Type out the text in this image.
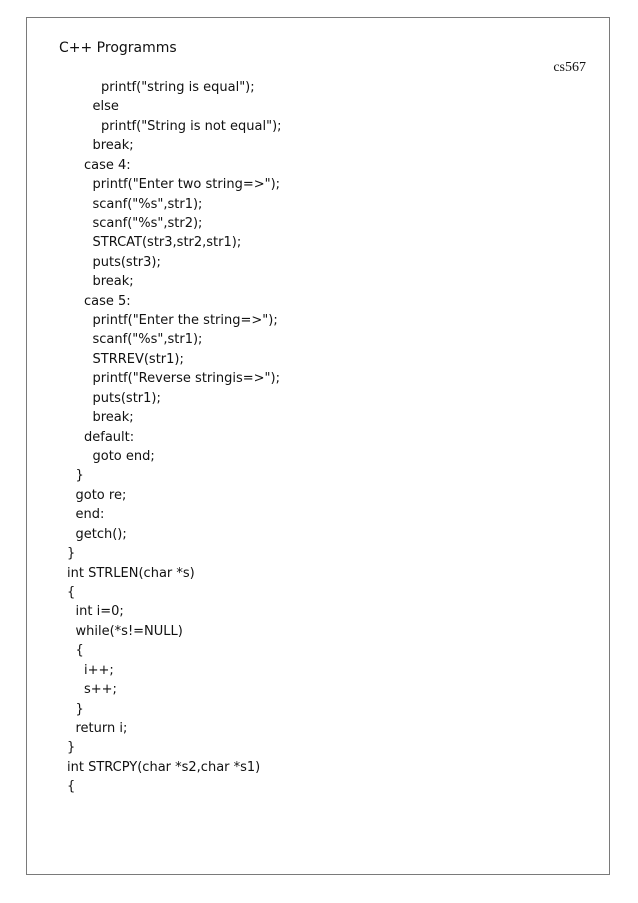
C++ Programms
cs567
printf("string is equal");
else
printf("String is not equal");
break;
case 4:
printf("Enter two string=>");
scanf("%s",str1);
scanf("%s",str2);
STRCAT(str3,str2,str1);
puts(str3);
break;
case 5:
printf("Enter the string=>");
scanf("%s",str1);
STRREV(str1);
printf("Reverse stringis=>");
puts(str1);
break;
default:
goto end;
}
goto re;
end:
getch();
}
int STRLEN(char *s)
{
int i=0;
while(*s!=NULL)
{
i++;
s++;
}
return i;
}
int STRCPY(char *s2,char *s1)
{
